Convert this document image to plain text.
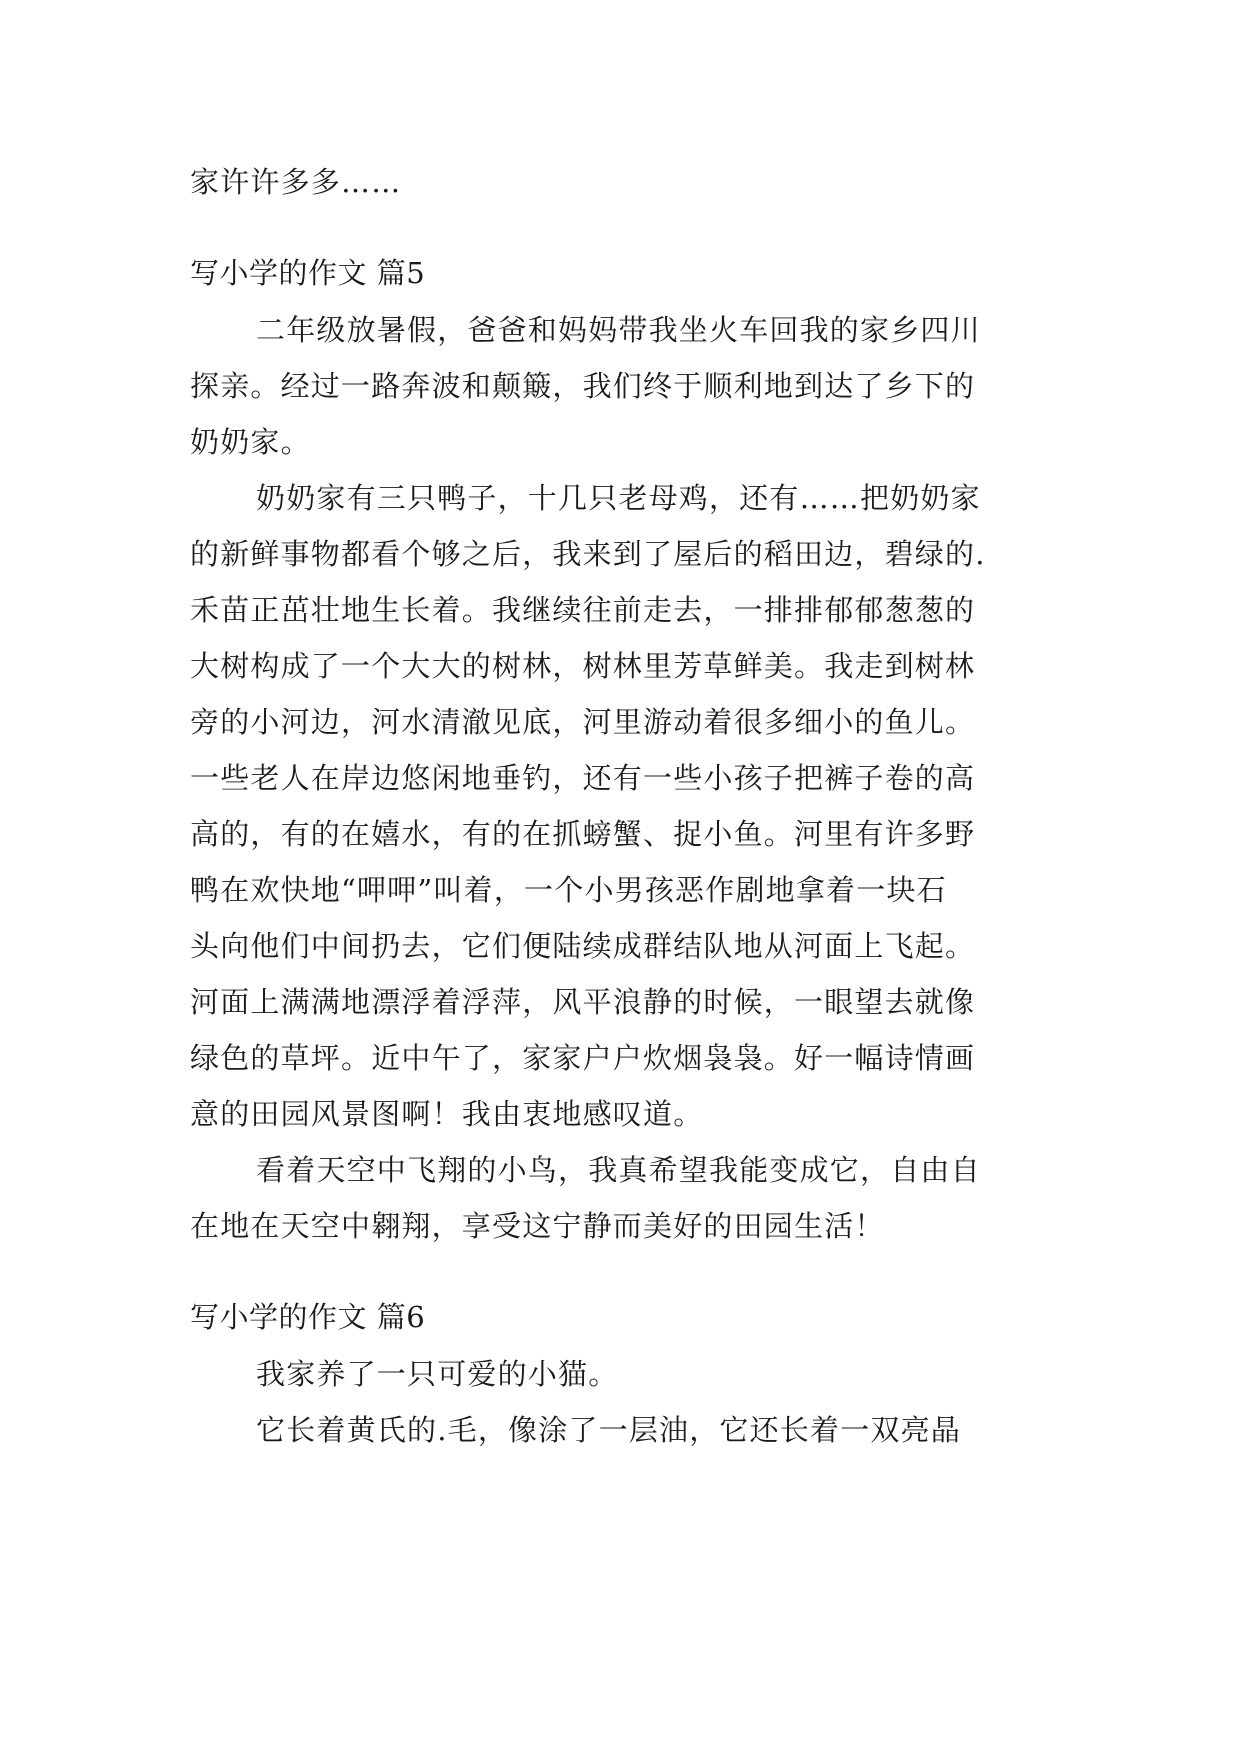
家许许多多……
写小学的作文 篇5
二年级放暑假，爸爸和妈妈带我坐火车回我的家乡四川
探亲。经过一路奔波和颠簸，我们终于顺利地到达了乡下的
奶奶家。
奶奶家有三只鸭子，十几只老母鸡，还有……把奶奶家
的新鲜事物都看个够之后，我来到了屋后的稻田边，碧绿的.
禾苗正茁壮地生长着。我继续往前走去，一排排郁郁葱葱的
大树构成了一个大大的树林，树林里芳草鲜美。我走到树林
旁的小河边，河水清澈见底，河里游动着很多细小的鱼儿。
一些老人在岸边悠闲地垂钓，还有一些小孩子把裤子卷的高
高的，有的在嬉水，有的在抓螃蟹、捉小鱼。河里有许多野
鸭在欢快地“呷呷”叫着，一个小男孩恶作剧地拿着一块石
头向他们中间扔去，它们便陆续成群结队地从河面上飞起。
河面上满满地漂浮着浮萍，风平浪静的时候，一眼望去就像
绿色的草坪。近中午了，家家户户炊烟袅袅。好一幅诗情画
意的田园风景图啊！我由衷地感叹道。
看着天空中飞翔的小鸟，我真希望我能变成它，自由自
在地在天空中翱翔，享受这宁静而美好的田园生活！
写小学的作文 篇6
我家养了一只可爱的小猫。
它长着黄氏的.毛，像涂了一层油，它还长着一双亮晶
